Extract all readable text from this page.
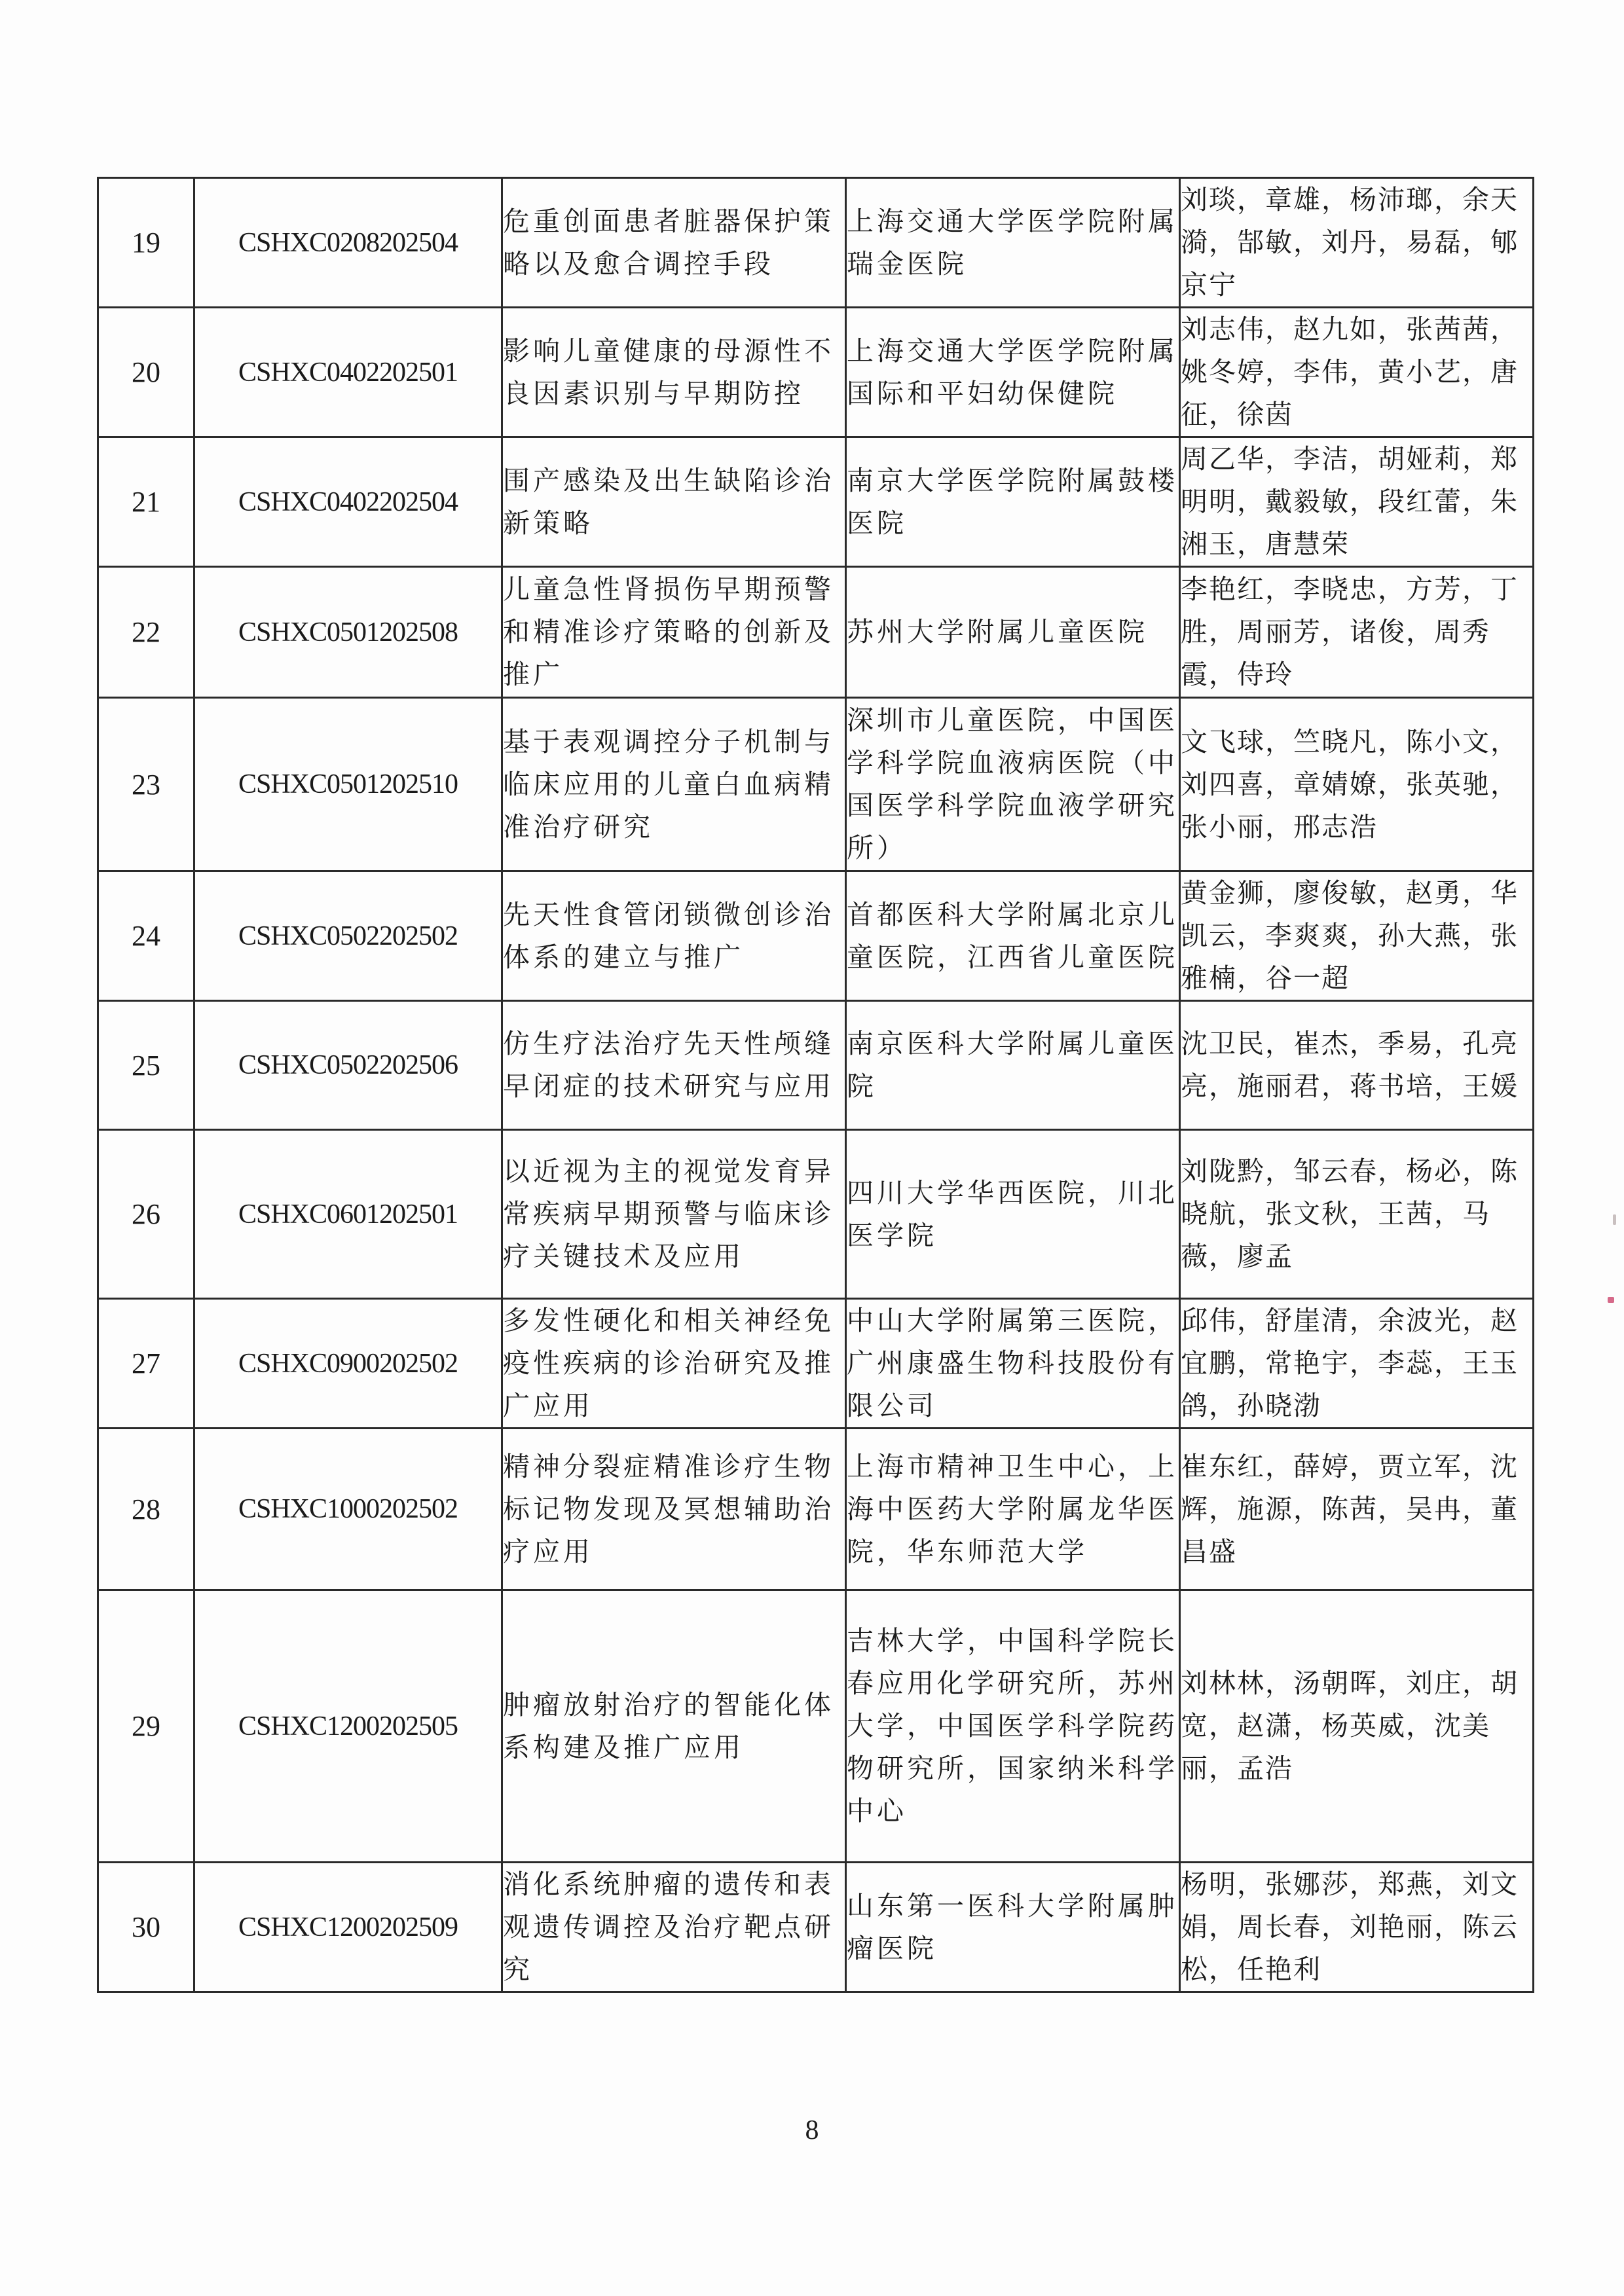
19	CSHXC0208202504	危重创面患者脏器保护策略以及愈合调控手段	上海交通大学医学院附属瑞金医院	刘琰，章雄，杨沛瑯，余天漪，郜敏，刘丹，易磊，郇京宁
20	CSHXC0402202501	影响儿童健康的母源性不良因素识别与早期防控	上海交通大学医学院附属国际和平妇幼保健院	刘志伟，赵九如，张茜茜，姚冬婷，李伟，黄小艺，唐征，徐茵
21	CSHXC0402202504	围产感染及出生缺陷诊治新策略	南京大学医学院附属鼓楼医院	周乙华，李洁，胡娅莉，郑明明，戴毅敏，段红蕾，朱湘玉，唐慧荣
22	CSHXC0501202508	儿童急性肾损伤早期预警和精准诊疗策略的创新及推广	苏州大学附属儿童医院	李艳红，李晓忠，方芳，丁胜，周丽芳，诸俊，周秀霞，侍玲
23	CSHXC0501202510	基于表观调控分子机制与临床应用的儿童白血病精准治疗研究	深圳市儿童医院，中国医学科学院血液病医院（中国医学科学院血液学研究所）	文飞球，竺晓凡，陈小文，刘四喜，章婧嫽，张英驰，张小丽，邢志浩
24	CSHXC0502202502	先天性食管闭锁微创诊治体系的建立与推广	首都医科大学附属北京儿童医院，江西省儿童医院	黄金狮，廖俊敏，赵勇，华凯云，李爽爽，孙大燕，张雅楠，谷一超
25	CSHXC0502202506	仿生疗法治疗先天性颅缝早闭症的技术研究与应用	南京医科大学附属儿童医院	沈卫民，崔杰，季易，孔亮亮，施丽君，蒋书培，王媛
26	CSHXC0601202501	以近视为主的视觉发育异常疾病早期预警与临床诊疗关键技术及应用	四川大学华西医院，川北医学院	刘陇黔，邹云春，杨必，陈晓航，张文秋，王茜，马薇，廖孟
27	CSHXC0900202502	多发性硬化和相关神经免疫性疾病的诊治研究及推广应用	中山大学附属第三医院，广州康盛生物科技股份有限公司	邱伟，舒崖清，余波光，赵宜鹏，常艳宇，李蕊，王玉鸽，孙晓渤
28	CSHXC1000202502	精神分裂症精准诊疗生物标记物发现及冥想辅助治疗应用	上海市精神卫生中心，上海中医药大学附属龙华医院，华东师范大学	崔东红，薛婷，贾立军，沈辉，施源，陈茜，吴冉，董昌盛
29	CSHXC1200202505	肿瘤放射治疗的智能化体系构建及推广应用	吉林大学，中国科学院长春应用化学研究所，苏州大学，中国医学科学院药物研究所，国家纳米科学中心	刘林林，汤朝晖，刘庄，胡宽，赵潇，杨英威，沈美丽，孟浩
30	CSHXC1200202509	消化系统肿瘤的遗传和表观遗传调控及治疗靶点研究	山东第一医科大学附属肿瘤医院	杨明，张娜莎，郑燕，刘文娟，周长春，刘艳丽，陈云松，任艳利
8
